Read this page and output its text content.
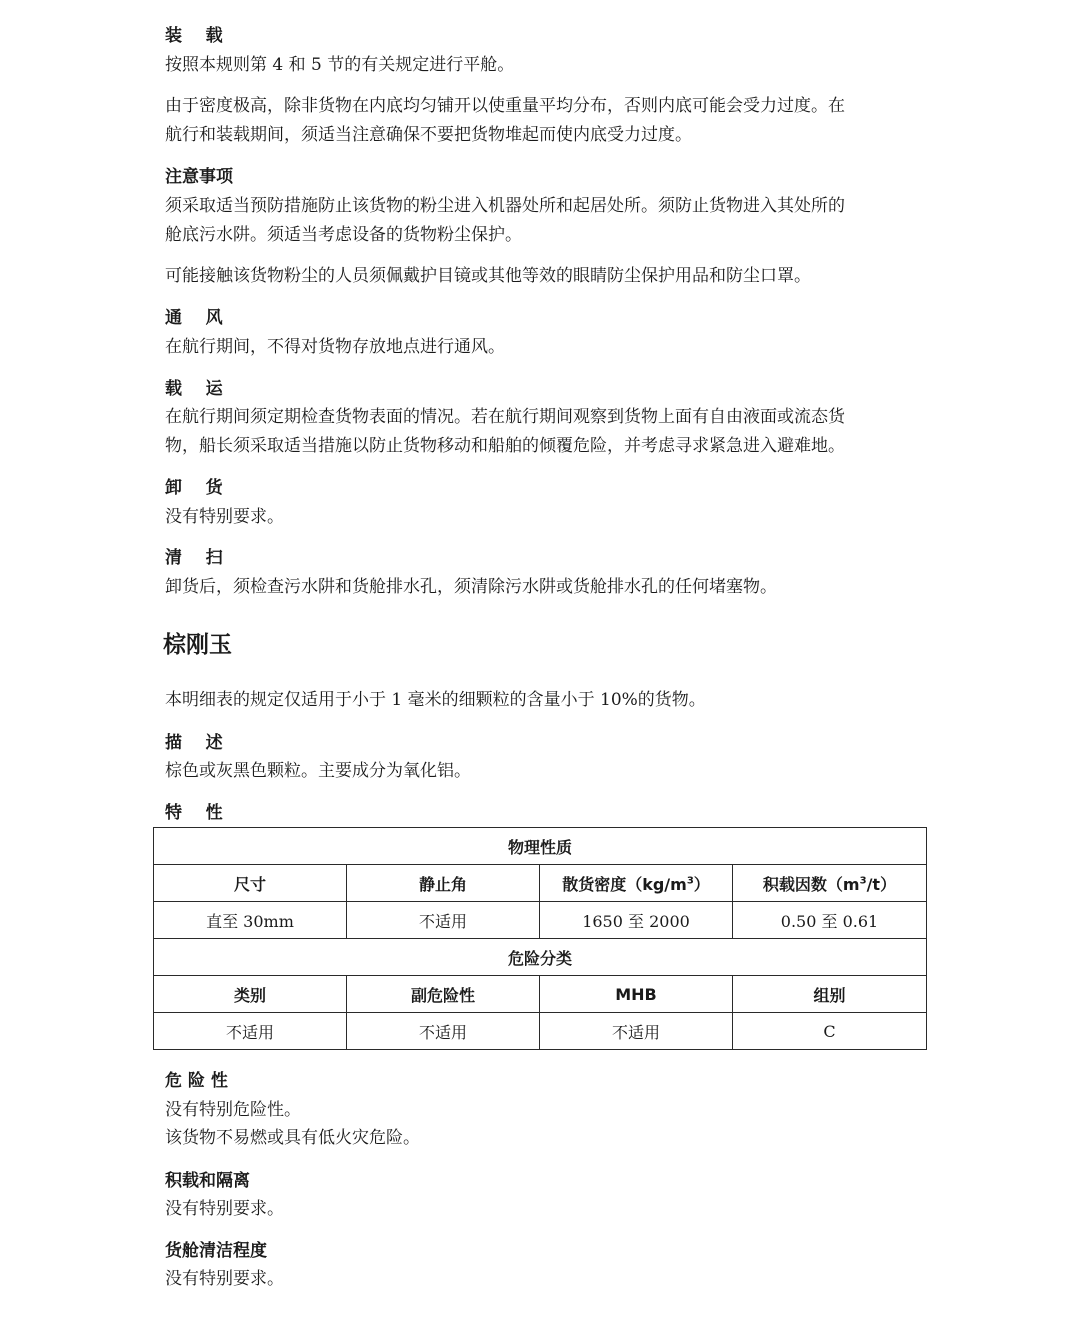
装    载
按照本规则第 4 和 5 节的有关规定进行平舱。
由于密度极高，除非货物在内底均匀铺开以使重量平均分布，否则内底可能会受力过度。在
航行和装载期间，须适当注意确保不要把货物堆起而使内底受力过度。
注意事项
须采取适当预防措施防止该货物的粉尘进入机器处所和起居处所。须防止货物进入其处所的
舱底污水阱。须适当考虑设备的货物粉尘保护。
可能接触该货物粉尘的人员须佩戴护目镜或其他等效的眼睛防尘保护用品和防尘口罩。
通    风
在航行期间，不得对货物存放地点进行通风。
载    运
在航行期间须定期检查货物表面的情况。若在航行期间观察到货物上面有自由液面或流态货
物，船长须采取适当措施以防止货物移动和船舶的倾覆危险，并考虑寻求紧急进入避难地。
卸    货
没有特别要求。
清    扫
卸货后，须检查污水阱和货舱排水孔，须清除污水阱或货舱排水孔的任何堵塞物。
棕刚玉
本明细表的规定仅适用于小于 1 毫米的细颗粒的含量小于 10%的货物。
描    述
棕色或灰黑色颗粒。主要成分为氧化铝。
特    性
物理性质			
尺寸	静止角	散货密度$(kg/m^3)$	积载因数$(m^3/t)$
直至 30mm	不适用	1650 至 2000	0.50 至 0.61
危险分类			
类别	副危险性	MHB	组别
不适用	不适用	不适用	C
危 险 性
没有特别危险性。
该货物不易燃或具有低火灾危险。
积载和隔离
没有特别要求。
货舱清洁程度
没有特别要求。
